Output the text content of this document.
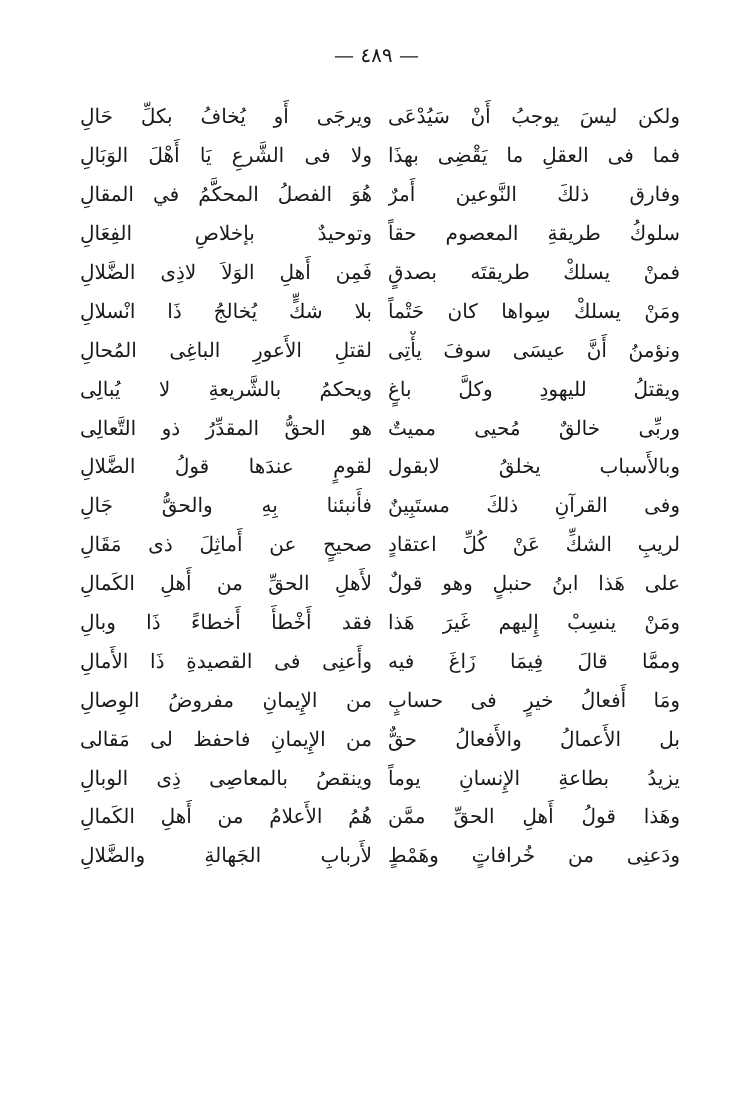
— ٤٨٩ —
ولكن ليسَ يوجبُ أَنْ سَيُدْعَى
ويرجَى أَو يُخافُ بكلِّ حَالِ
فما فى العقلِ ما يَقْضِى بهذَا
ولا فى الشَّرعِ يَا أَهْلَ الوَبَالِ
وفارق ذلكَ النَّوعين أَمرٌ
هُوَ الفصلُ المحكَّمُ في المقالِ
سلوكُ طريقةِ المعصوم حقاً
وتوحيدٌ بإخلاصِ الفِعَالِ
فمنْ يسلكْ طريقتَه بصدقٍ
فَمِن أَهلِ الوَلاَ لاذِى الضَّلالِ
ومَنْ يسلكْ سِواها كان حَتْماً
بلا شكٍّ يُخالجُ ذَا انْسلالِ
ونؤمنُ أَنَّ عيسَى سوفَ يأْتِى
لقتلِ الأَعورِ الباغِى المُحالِ
ويقتلُ لليهودِ وكلَّ باغٍ
ويحكمُ بالشَّريعةِ لا يُبالِى
وربِّى خالقٌ مُحيى مميتٌ
هو الحقُّ المقدِّرُ ذو التَّعالِى
وبالأَسباب يخلقُ لابقول
لقومٍ عندَها قولُ الضَّلالِ
وفى القرآنِ ذلكَ مستَبِينٌ
فأَنبئنا بِهِ والحقُّ جَالِ
لريبِ الشكِّ عَنْ كُلِّ اعتقادٍ
صحيحٍ عن أَماثِلَ ذى مَقَالِ
على هَذا ابنُ حنبلٍ وهو قولٌ
لأَهلِ الحقِّ من أَهلِ الكَمالِ
ومَنْ ينسِبْ إِليهم غَيرَ هَذا
فقد أَخْطأَ أَخطاءً ذَا وبالِ
وممَّا قالَ فِيمَا زَاغَ فيه
وأَعنِى فى القصيدةِ ذَا الأَمالِ
ومَا أَفعالُ خيرٍ فى حسابٍ
من الإِيمانِ مفروضُ الوِصالِ
بل الأَعمالُ والأَفعالُ حقٌّ
من الإِيمانِ فاحفظ لى مَقالى
يزيدُ بطاعةِ الإِنسانِ يوماً
وينقصُ بالمعاصِى ذِى الوبالِ
وهَذا قولُ أَهلِ الحقِّ ممَّن
هُمُ الأَعلامُ من أَهلِ الكَمالِ
ودَعنِى من خُرافاتٍ وهَمْطٍ
لأَربابِ الجَهالةِ والضَّلالِ
